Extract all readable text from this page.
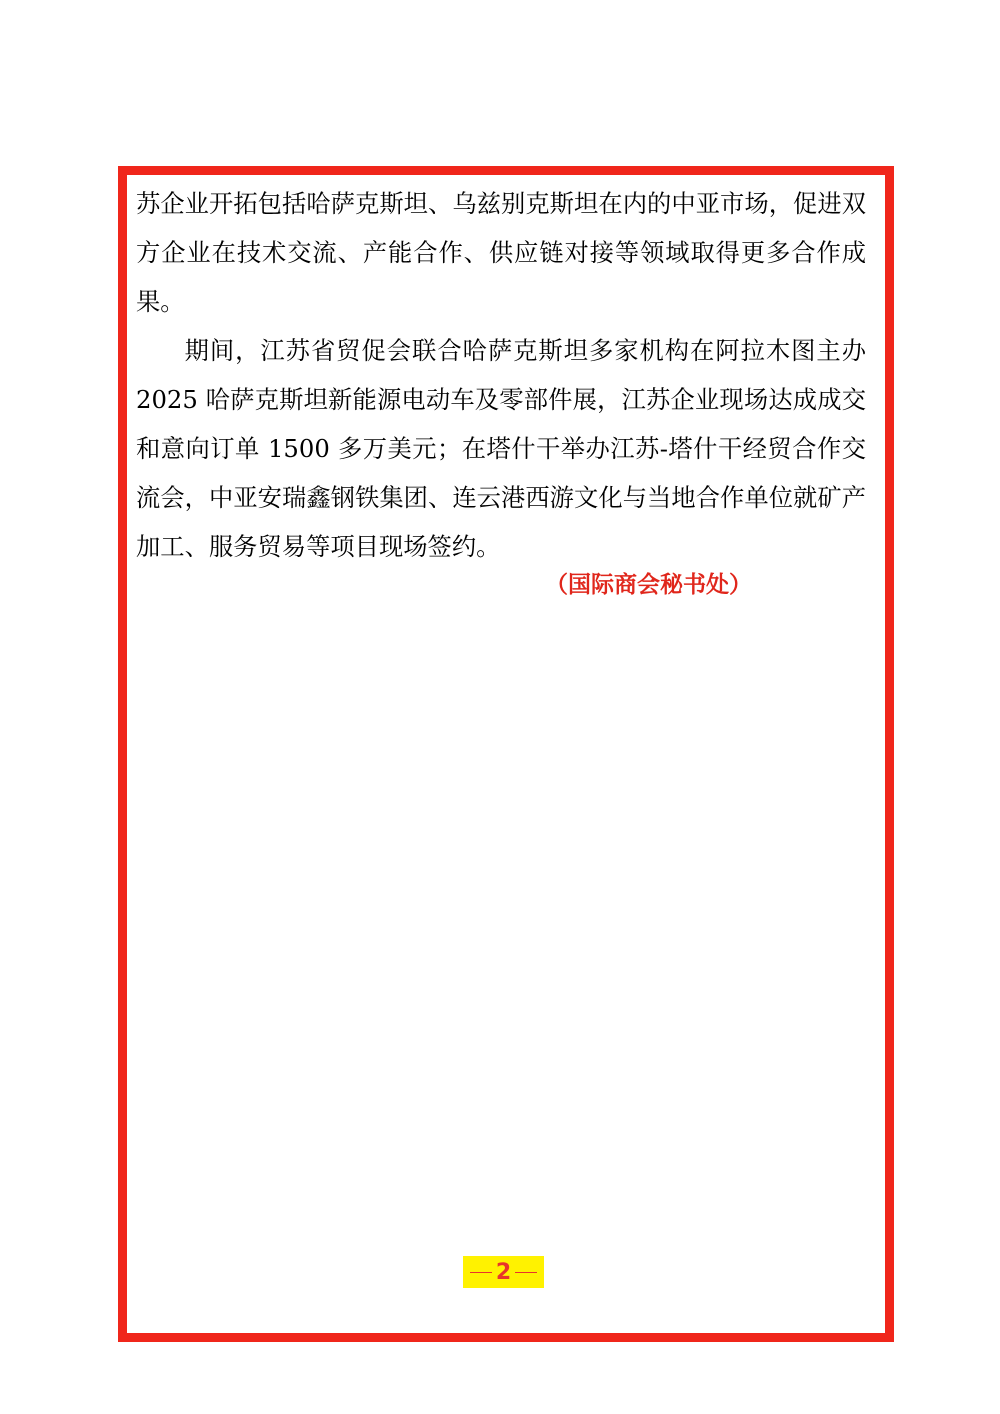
苏企业开拓包括哈萨克斯坦、乌兹别克斯坦在内的中亚市场，促进双方企业在技术交流、产能合作、供应链对接等领域取得更多合作成果。

期间，江苏省贸促会联合哈萨克斯坦多家机构在阿拉木图主办 2025 哈萨克斯坦新能源电动车及零部件展，江苏企业现场达成成交和意向订单 1500 多万美元；在塔什干举办江苏-塔什干经贸合作交流会，中亚安瑞鑫钢铁集团、连云港西游文化与当地合作单位就矿产加工、服务贸易等项目现场签约。

（国际商会秘书处）
2
